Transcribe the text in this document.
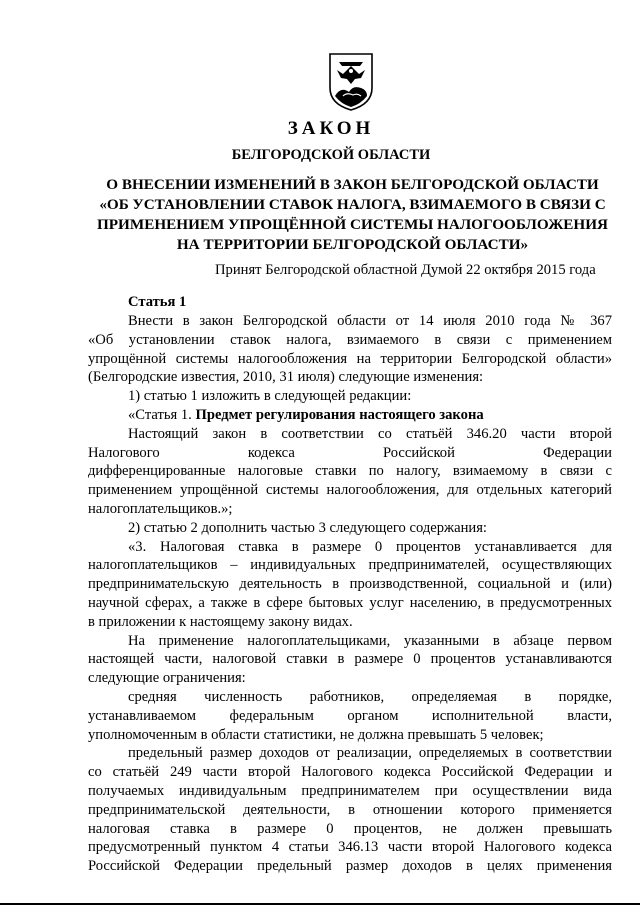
ЗАКОН
БЕЛГОРОДСКОЙ ОБЛАСТИ
О ВНЕСЕНИИ ИЗМЕНЕНИЙ В ЗАКОН БЕЛГОРОДСКОЙ ОБЛАСТИ
«ОБ УСТАНОВЛЕНИИ СТАВОК НАЛОГА, ВЗИМАЕМОГО В СВЯЗИ С
ПРИМЕНЕНИЕМ УПРОЩЁННОЙ СИСТЕМЫ НАЛОГООБЛОЖЕНИЯ
НА ТЕРРИТОРИИ БЕЛГОРОДСКОЙ ОБЛАСТИ»
Принят Белгородской областной Думой 22 октября 2015 года
Статья 1
Внести в закон Белгородской области от 14 июля 2010 года № 367
«Об установлении ставок налога, взимаемого в связи с применением
упрощённой системы налогообложения на территории Белгородской области»
(Белгородские известия, 2010, 31 июля) следующие изменения:
1) статью 1 изложить в следующей редакции:
«Статья 1. Предмет регулирования настоящего закона
Настоящий закон в соответствии со статьёй 346.20 части второй
Налогового кодекса Российской Федерации
дифференцированные налоговые ставки по налогу, взимаемому в связи с
применением упрощённой системы налогообложения, для отдельных категорий
налогоплательщиков.»;
2) статью 2 дополнить частью 3 следующего содержания:
«3. Налоговая ставка в размере 0 процентов устанавливается для
налогоплательщиков – индивидуальных предпринимателей, осуществляющих
предпринимательскую деятельность в производственной, социальной и (или)
научной сферах, а также в сфере бытовых услуг населению, в предусмотренных
в приложении к настоящему закону видах.
На применение налогоплательщиками, указанными в абзаце первом
настоящей части, налоговой ставки в размере 0 процентов устанавливаются
следующие ограничения:
средняя численность работников, определяемая в порядке,
устанавливаемом федеральным органом исполнительной власти,
уполномоченным в области статистики, не должна превышать 5 человек;
предельный размер доходов от реализации, определяемых в соответствии
со статьёй 249 части второй Налогового кодекса Российской Федерации и
получаемых индивидуальным предпринимателем при осуществлении вида
предпринимательской деятельности, в отношении которого применяется
налоговая ставка в размере 0 процентов, не должен превышать
предусмотренный пунктом 4 статьи 346.13 части второй Налогового кодекса
Российской Федерации предельный размер доходов в целях применения
